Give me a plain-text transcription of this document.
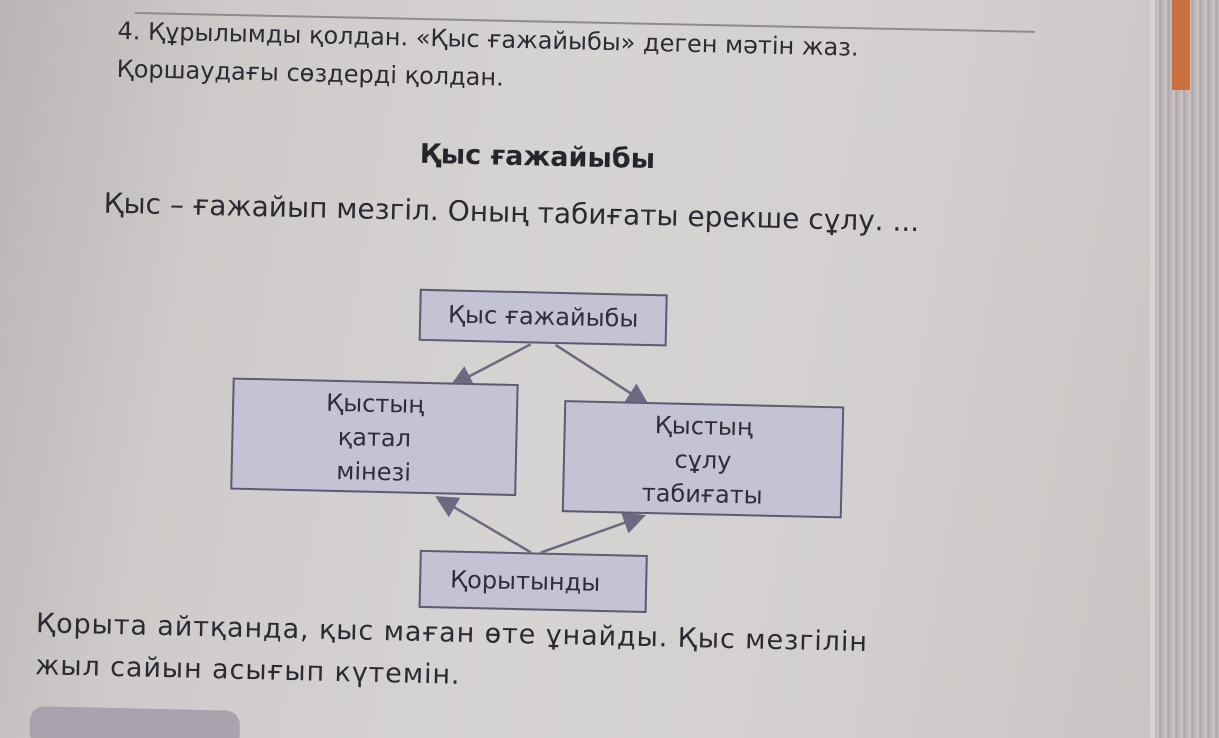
4. Құрылымды қолдан. «Қыс ғажайыбы» деген мәтін жаз.
Қоршаудағы сөздерді қолдан.
Қыс ғажайыбы
Қыс – ғажайып мезгіл. Оның табиғаты ерекше сұлу. ...
Қыс ғажайыбы
Қыстың
қатал
мінезі
Қыстың
сұлу
табиғаты
Қорытынды
Қорыта айтқанда, қыс маған өте ұнайды. Қыс мезгілін
жыл сайын асығып күтемін.
